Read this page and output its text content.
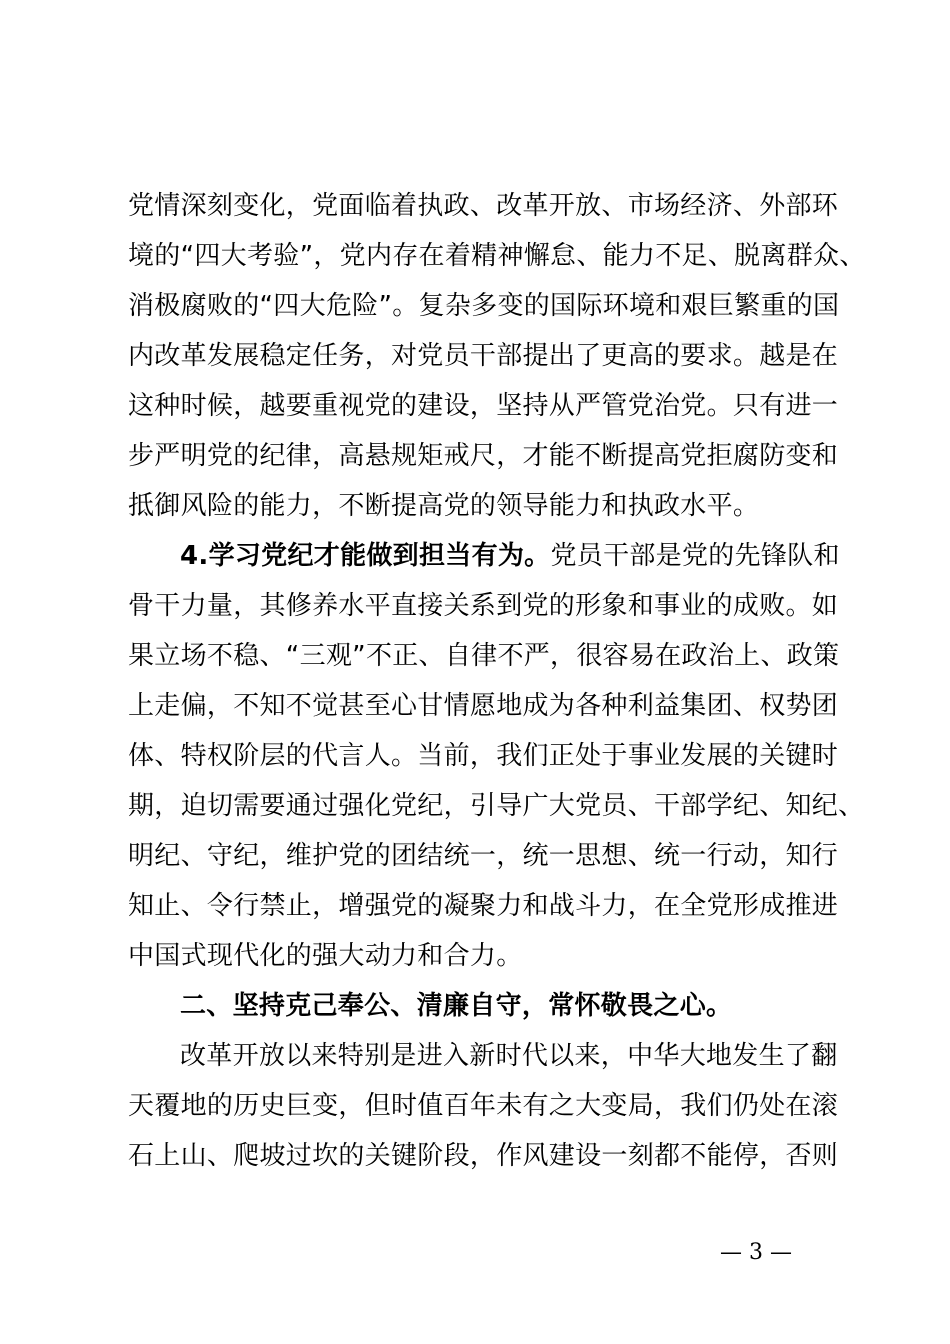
党情深刻变化，党面临着执政、改革开放、市场经济、外部环
境的“四大考验”，党内存在着精神懈怠、能力不足、脱离群众、
消极腐败的“四大危险”。复杂多变的国际环境和艰巨繁重的国
内改革发展稳定任务，对党员干部提出了更高的要求。越是在
这种时候，越要重视党的建设，坚持从严管党治党。只有进一
步严明党的纪律，高悬规矩戒尺，才能不断提高党拒腐防变和
抵御风险的能力，不断提高党的领导能力和执政水平。
4.学习党纪才能做到担当有为。党员干部是党的先锋队和
骨干力量，其修养水平直接关系到党的形象和事业的成败。如
果立场不稳、“三观”不正、自律不严，很容易在政治上、政策
上走偏，不知不觉甚至心甘情愿地成为各种利益集团、权势团
体、特权阶层的代言人。当前，我们正处于事业发展的关键时
期，迫切需要通过强化党纪，引导广大党员、干部学纪、知纪、
明纪、守纪，维护党的团结统一，统一思想、统一行动，知行
知止、令行禁止，增强党的凝聚力和战斗力，在全党形成推进
中国式现代化的强大动力和合力。
二、坚持克己奉公、清廉自守，常怀敬畏之心。
改革开放以来特别是进入新时代以来，中华大地发生了翻
天覆地的历史巨变，但时值百年未有之大变局，我们仍处在滚
石上山、爬坡过坎的关键阶段，作风建设一刻都不能停，否则
— 3 —
